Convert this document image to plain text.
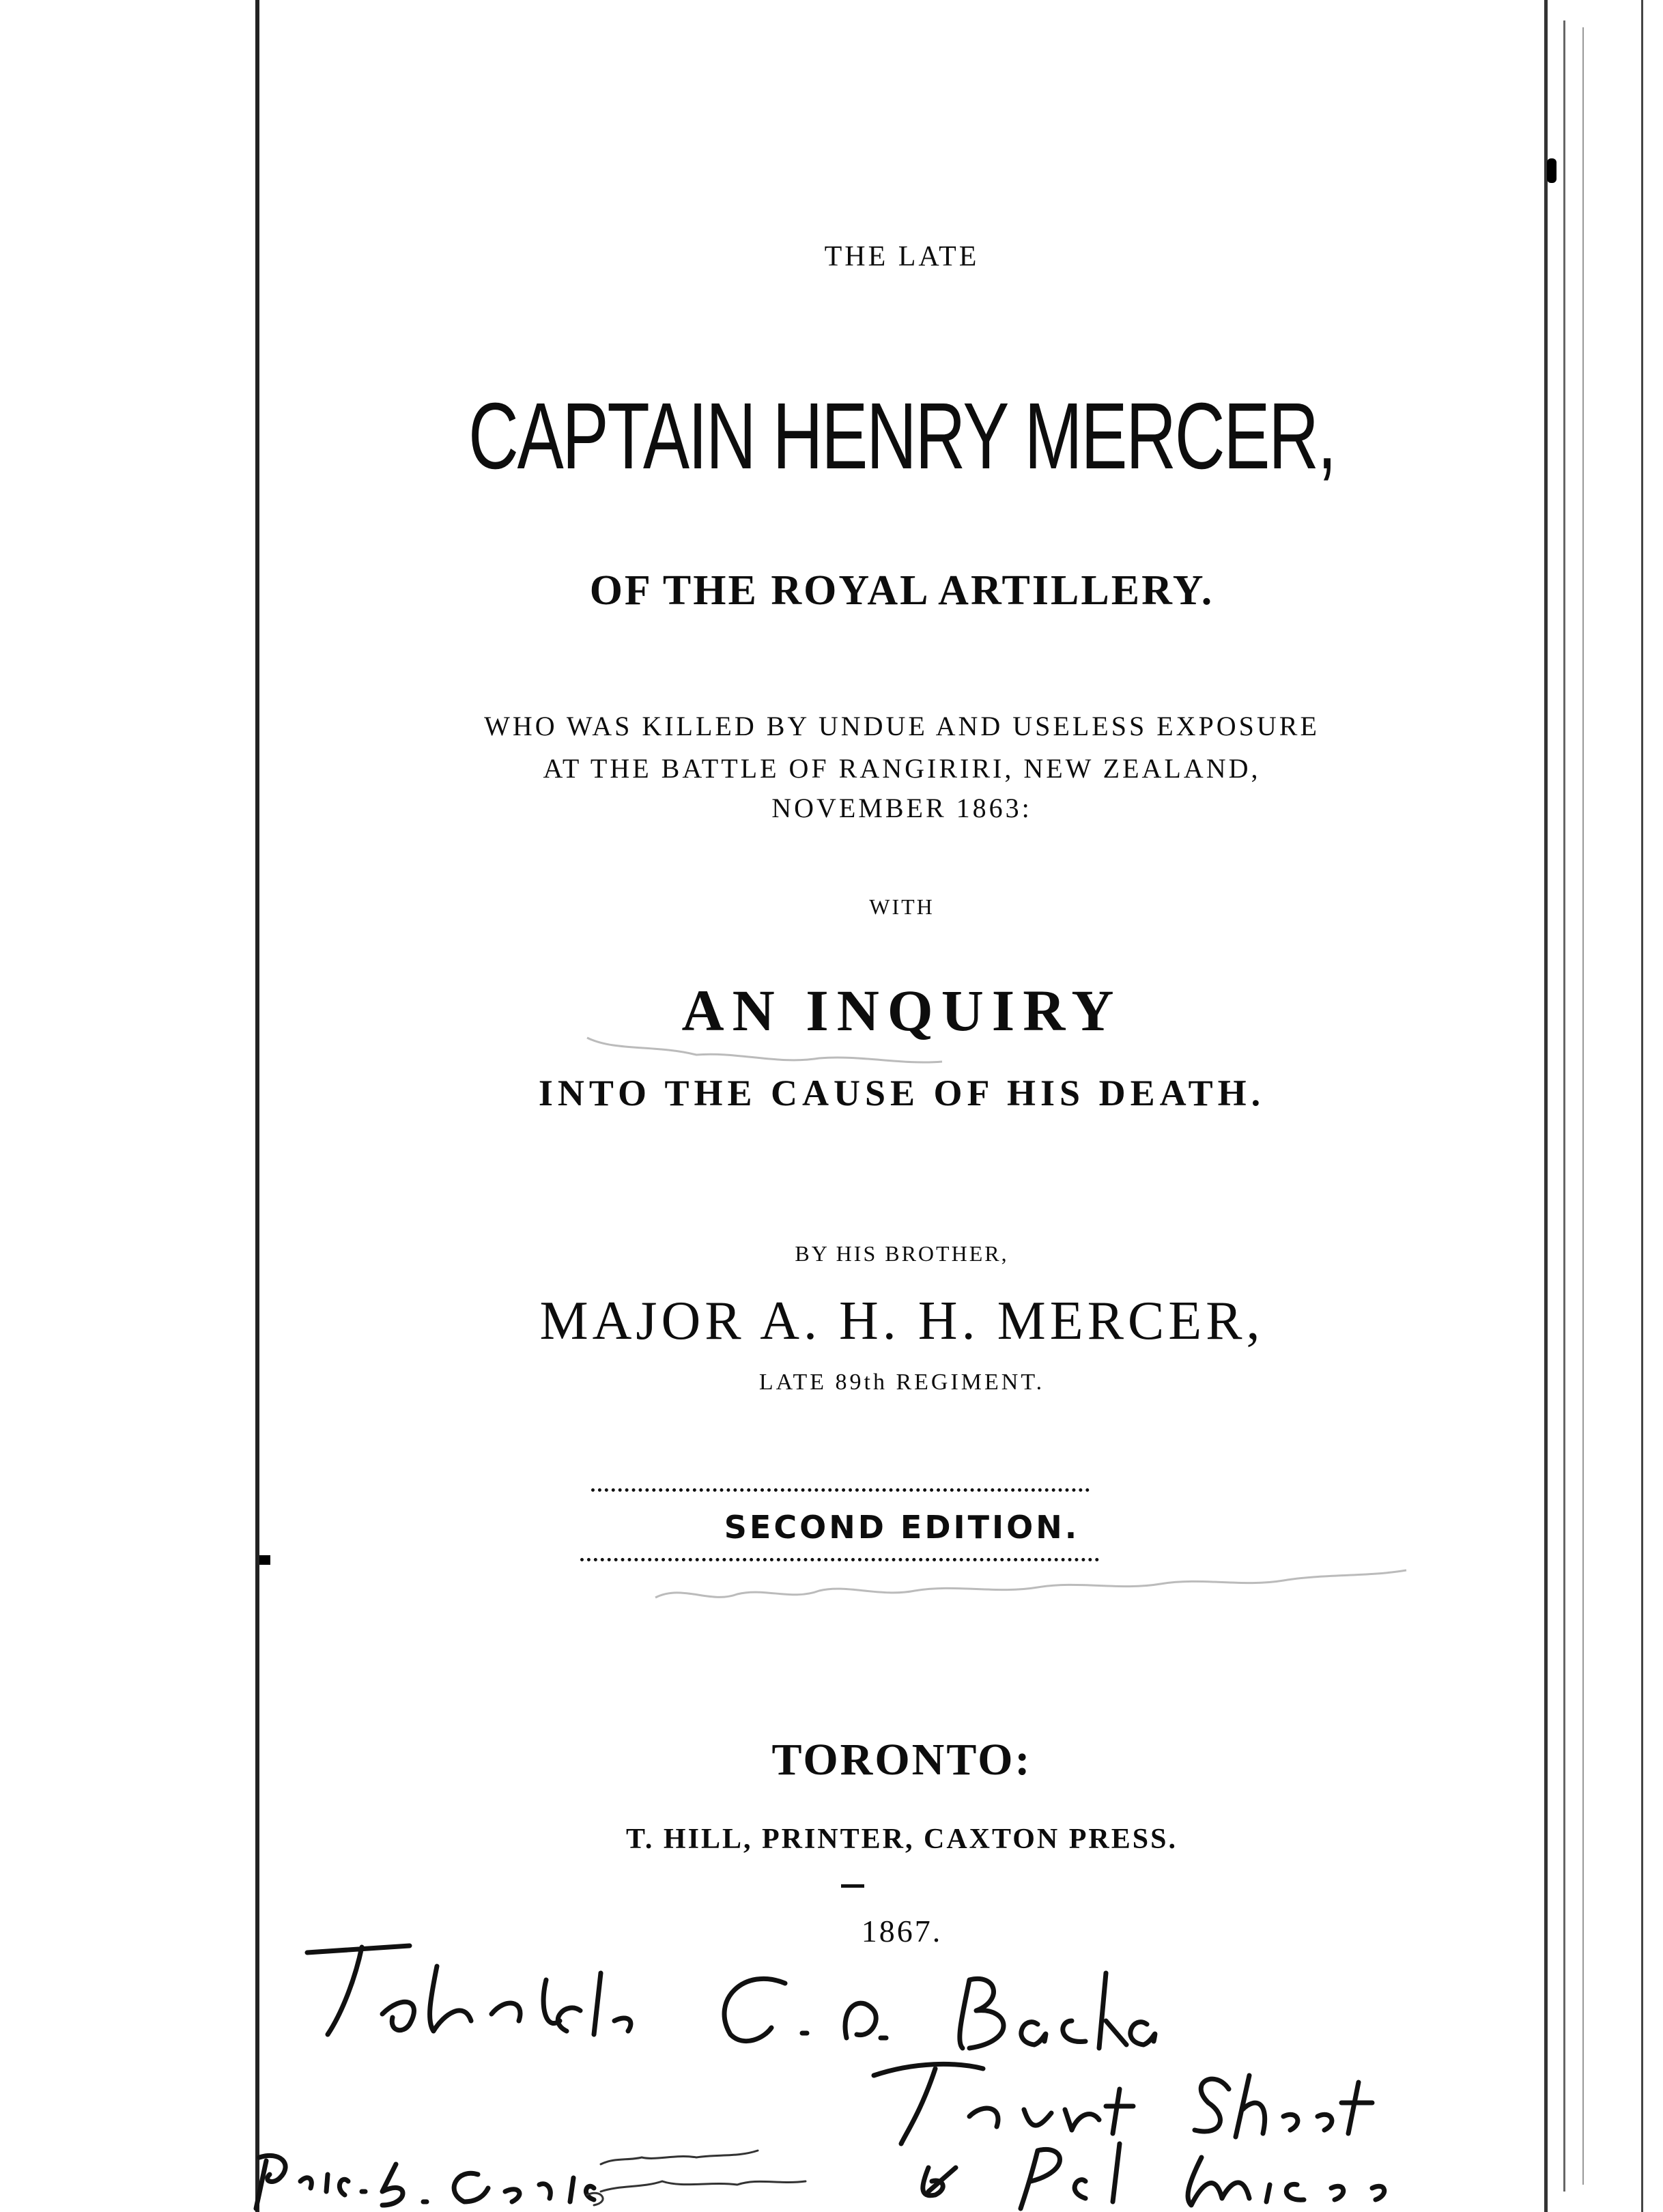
THE LATE
CAPTAIN HENRY MERCER,
OF THE ROYAL ARTILLERY.
WHO WAS KILLED BY UNDUE AND USELESS EXPOSURE
AT THE BATTLE OF RANGIRIRI, NEW ZEALAND,
NOVEMBER 1863:
WITH
AN INQUIRY
INTO THE CAUSE OF HIS DEATH.
BY HIS BROTHER,
MAJOR A. H. H. MERCER,
LATE 89th REGIMENT.
SECOND EDITION.
TORONTO:
T. HILL, PRINTER, CAXTON PRESS.
1867.
